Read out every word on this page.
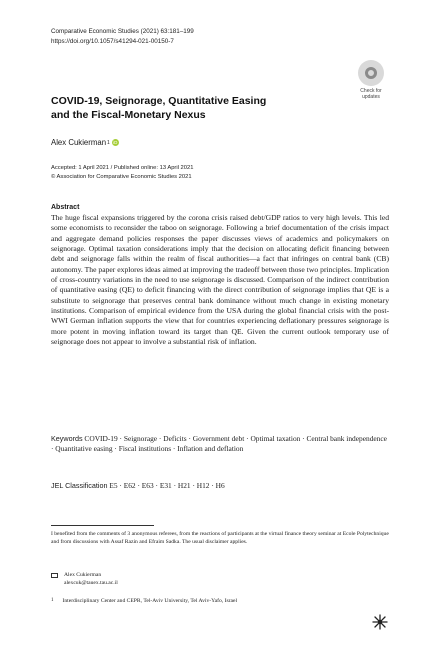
Comparative Economic Studies (2021) 63:181–199
https://doi.org/10.1057/s41294-021-00150-7
Check for
updates
COVID-19, Seignorage, Quantitative Easing
and the Fiscal-Monetary Nexus
Alex Cukierman 1 iD
Accepted: 1 April 2021 / Published online: 13 April 2021
© Association for Comparative Economic Studies 2021
Abstract

The huge fiscal expansions triggered by the corona crisis raised debt/GDP ratios to very high levels. This led some economists to reconsider the taboo on seignorage. Following a brief documentation of the crisis impact and aggregate demand policies responses the paper discusses views of academics and policymakers on seignorage. Optimal taxation considerations imply that the decision on allocating deficit financing between debt and seignorage falls within the realm of fiscal authorities—a fact that infringes on central bank (CB) autonomy. The paper explores ideas aimed at improving the tradeoff between those two principles. Implication of cross-country variations in the need to use seignorage is discussed. Comparison of the indirect contribution of quantitative easing (QE) to deficit financing with the direct contribution of seignorage implies that QE is a substitute to seignorage that preserves central bank dominance without much change in existing monetary institutions. Comparison of empirical evidence from the USA during the global financial crisis with the post-WWI German inflation supports the view that for countries experiencing deflationary pressures seignorage is more potent in moving inflation toward its target than QE. Given the current outlook temporary use of seignorage does not appear to involve a substantial risk of inflation.

Keywords COVID-19 · Seignorage · Deficits · Government debt · Optimal taxation · Central bank independence · Quantitative easing · Fiscal institutions · Inflation and deflation

JEL Classification E5 · E62 · E63 · E31 · H21 · H12 · H6

I benefited from the comments of 3 anonymous referees, from the reactions of participants at the virtual finance theory seminar at Ecole Polytechnique and from discussions with Assaf Razin and Efraim Sadka. The usual disclaimer applies.

Alex Cukierman
alexcuk@tauex.tau.ac.il
1 Interdisciplinary Center and CEPR, Tel-Aviv University, Tel Aviv-Yafo, Israel
